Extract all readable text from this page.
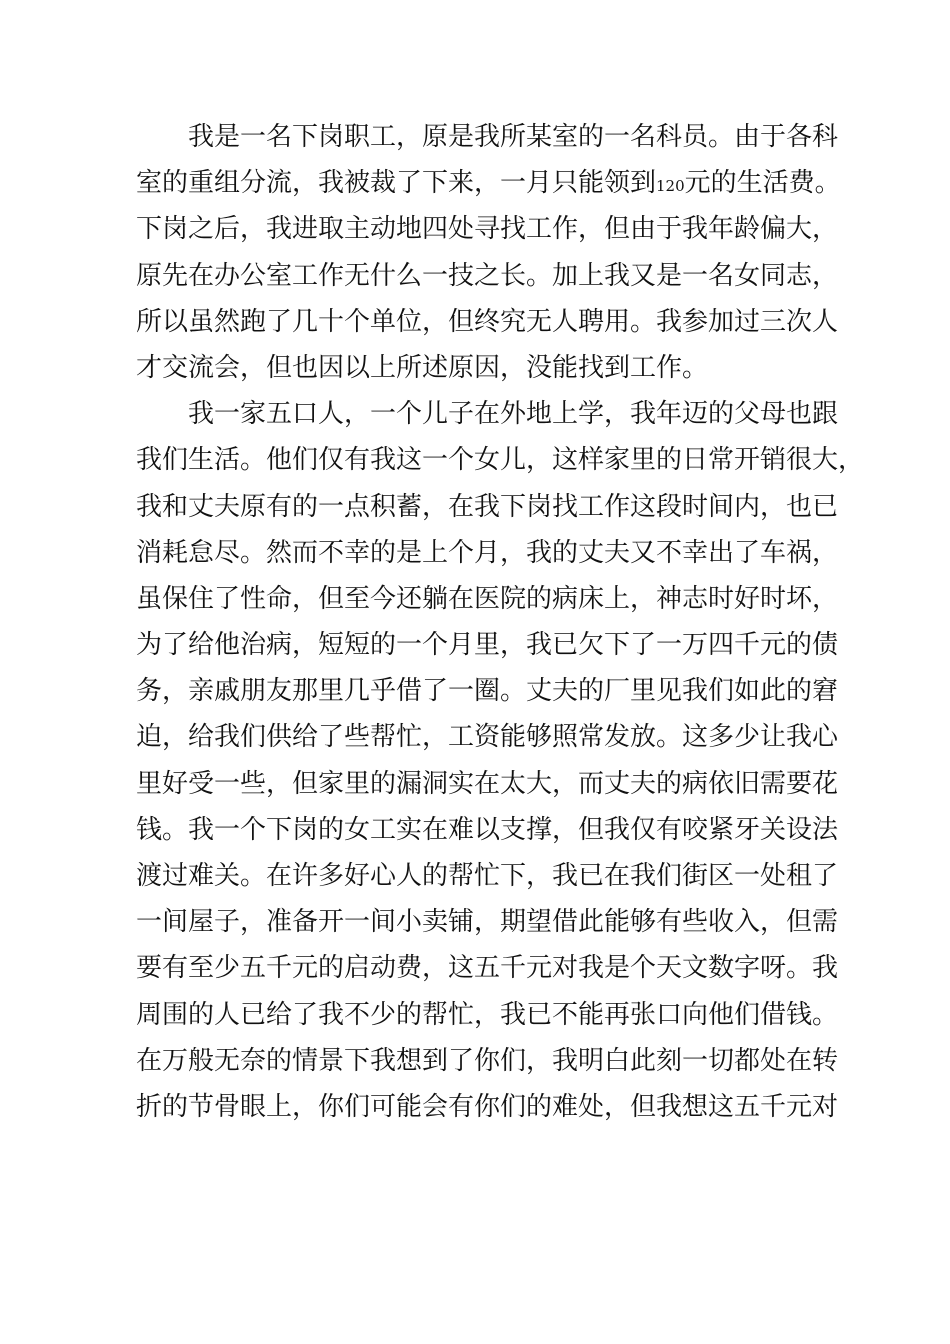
我是一名下岗职工，原是我所某室的一名科员。由于各科
室的重组分流，我被裁了下来，一月只能领到120元的生活费。
下岗之后，我进取主动地四处寻找工作，但由于我年龄偏大，
原先在办公室工作无什么一技之长。加上我又是一名女同志，
所以虽然跑了几十个单位，但终究无人聘用。我参加过三次人
才交流会，但也因以上所述原因，没能找到工作。
我一家五口人，一个儿子在外地上学，我年迈的父母也跟
我们生活。他们仅有我这一个女儿，这样家里的日常开销很大，
我和丈夫原有的一点积蓄，在我下岗找工作这段时间内，也已
消耗怠尽。然而不幸的是上个月，我的丈夫又不幸出了车祸，
虽保住了性命，但至今还躺在医院的病床上，神志时好时坏，
为了给他治病，短短的一个月里，我已欠下了一万四千元的债
务，亲戚朋友那里几乎借了一圈。丈夫的厂里见我们如此的窘
迫，给我们供给了些帮忙，工资能够照常发放。这多少让我心
里好受一些，但家里的漏洞实在太大，而丈夫的病依旧需要花
钱。我一个下岗的女工实在难以支撑，但我仅有咬紧牙关设法
渡过难关。在许多好心人的帮忙下，我已在我们街区一处租了
一间屋子，准备开一间小卖铺，期望借此能够有些收入，但需
要有至少五千元的启动费，这五千元对我是个天文数字呀。我
周围的人已给了我不少的帮忙，我已不能再张口向他们借钱。
在万般无奈的情景下我想到了你们，我明白此刻一切都处在转
折的节骨眼上，你们可能会有你们的难处，但我想这五千元对
